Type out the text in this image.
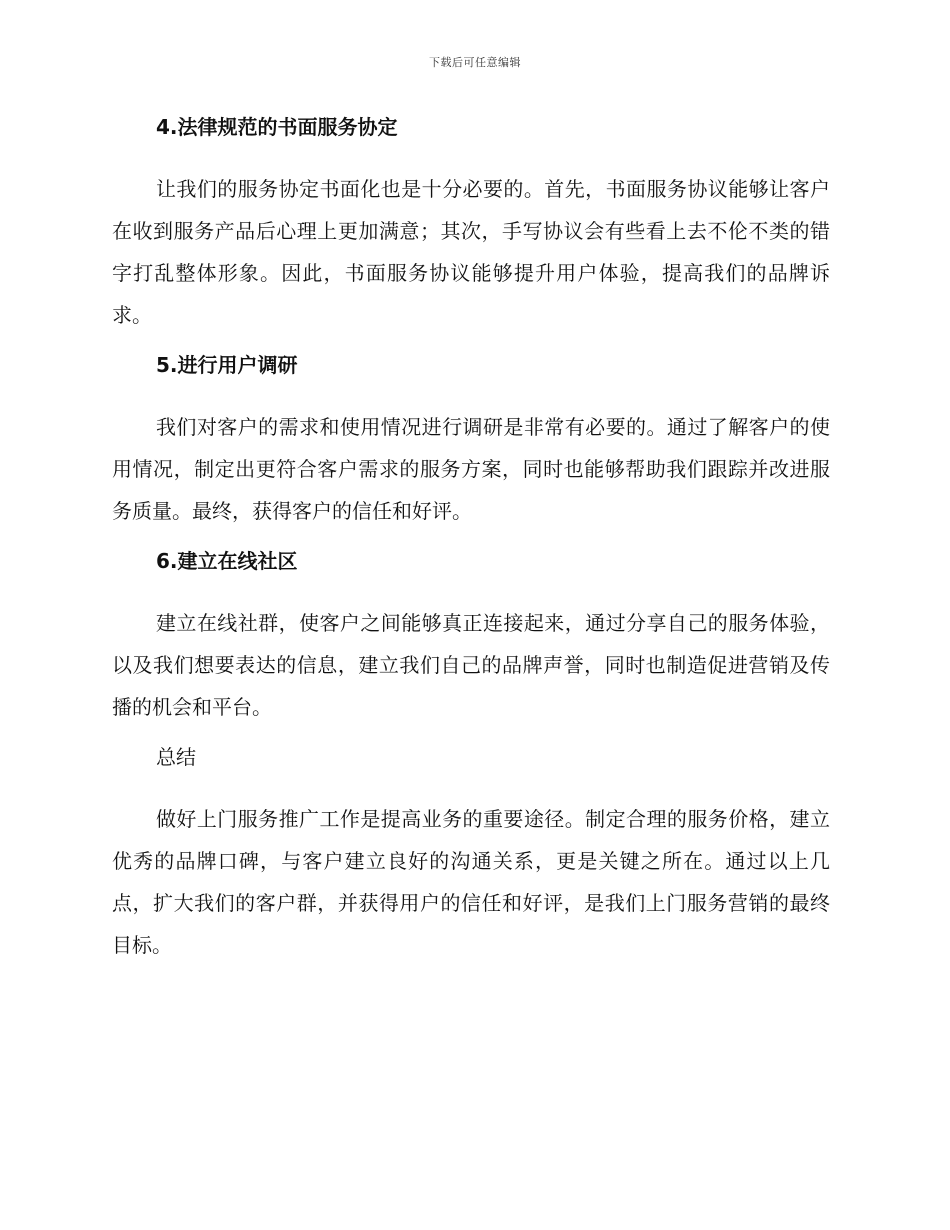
下载后可任意编辑
4.法律规范的书面服务协定

让我们的服务协定书面化也是十分必要的。首先，书面服务协议能够让客户在收到服务产品后心理上更加满意；其次，手写协议会有些看上去不伦不类的错字打乱整体形象。因此，书面服务协议能够提升用户体验，提高我们的品牌诉求。

5.进行用户调研

我们对客户的需求和使用情况进行调研是非常有必要的。通过了解客户的使用情况，制定出更符合客户需求的服务方案，同时也能够帮助我们跟踪并改进服务质量。最终，获得客户的信任和好评。

6.建立在线社区

建立在线社群，使客户之间能够真正连接起来，通过分享自己的服务体验，以及我们想要表达的信息，建立我们自己的品牌声誉，同时也制造促进营销及传播的机会和平台。

总结

做好上门服务推广工作是提高业务的重要途径。制定合理的服务价格，建立优秀的品牌口碑，与客户建立良好的沟通关系，更是关键之所在。通过以上几点，扩大我们的客户群，并获得用户的信任和好评，是我们上门服务营销的最终目标。
